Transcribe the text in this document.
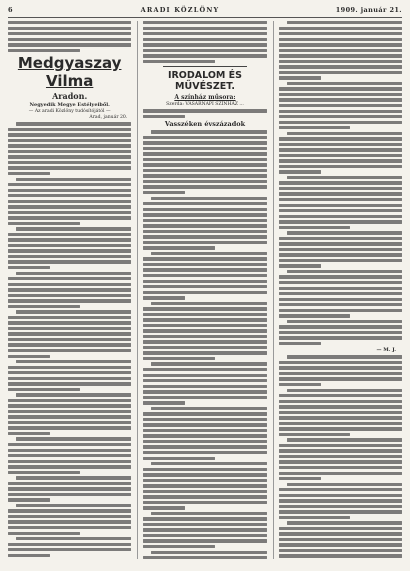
6	ARADI KÖZLÖNY	1909. január 21.
Medgyaszay Vilma
Aradon.
Negyedik Megye Estélyeiből.
— Az aradi Közlöny tudósítójától —
Arad, január 20.
IRODALOM ÉS MŰVÉSZET.
A színház műsora:
Szerda: VASÁRNAPI SZÍNHÁZ ...
Vasszéken évszázadok
— M. J.
